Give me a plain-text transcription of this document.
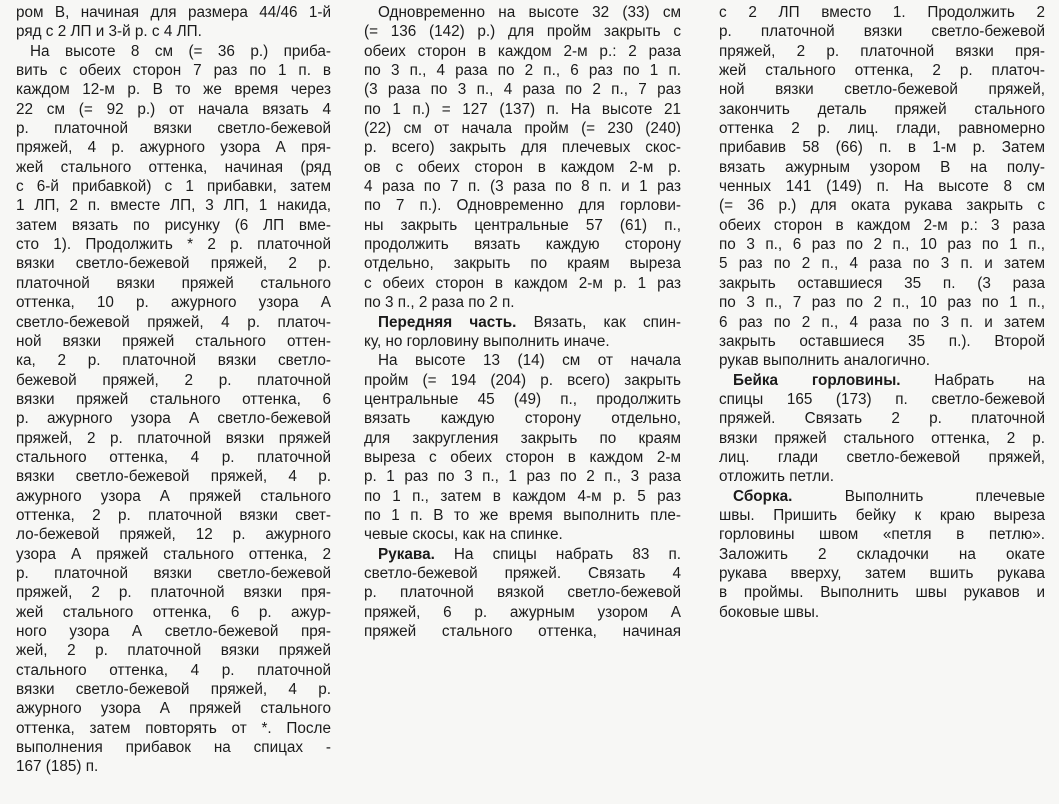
ром В, начиная для размера 44/46 1-й
ряд с 2 ЛП и 3-й р. с 4 ЛП.
На высоте 8 см (= 36 р.) приба-
вить с обеих сторон 7 раз по 1 п. в
каждом 12-м р. В то же время через
22 см (= 92 р.) от начала вязать 4
р. платочной вязки светло-бежевой
пряжей, 4 р. ажурного узора А пря-
жей стального оттенка, начиная (ряд
с 6-й прибавкой) с 1 прибавки, затем
1 ЛП, 2 п. вместе ЛП, 3 ЛП, 1 накида,
затем вязать по рисунку (6 ЛП вме-
сто 1). Продолжить * 2 р. платочной
вязки светло-бежевой пряжей, 2 р.
платочной вязки пряжей стального
оттенка, 10 р. ажурного узора А
светло-бежевой пряжей, 4 р. платоч-
ной вязки пряжей стального оттен-
ка, 2 р. платочной вязки светло-
бежевой пряжей, 2 р. платочной
вязки пряжей стального оттенка, 6
р. ажурного узора А светло-бежевой
пряжей, 2 р. платочной вязки пряжей
стального оттенка, 4 р. платочной
вязки светло-бежевой пряжей, 4 р.
ажурного узора А пряжей стального
оттенка, 2 р. платочной вязки свет-
ло-бежевой пряжей, 12 р. ажурного
узора А пряжей стального оттенка, 2
р. платочной вязки светло-бежевой
пряжей, 2 р. платочной вязки пря-
жей стального оттенка, 6 р. ажур-
ного узора А светло-бежевой пря-
жей, 2 р. платочной вязки пряжей
стального оттенка, 4 р. платочной
вязки светло-бежевой пряжей, 4 р.
ажурного узора А пряжей стального
оттенка, затем повторять от *. После
выполнения прибавок на спицах -
167 (185) п.
Одновременно на высоте 32 (33) см
(= 136 (142) р.) для пройм закрыть с
обеих сторон в каждом 2-м р.: 2 раза
по 3 п., 4 раза по 2 п., 6 раз по 1 п.
(3 раза по 3 п., 4 раза по 2 п., 7 раз
по 1 п.) = 127 (137) п. На высоте 21
(22) см от начала пройм (= 230 (240)
р. всего) закрыть для плечевых скос-
ов с обеих сторон в каждом 2-м р.
4 раза по 7 п. (3 раза по 8 п. и 1 раз
по 7 п.). Одновременно для горлови-
ны закрыть центральные 57 (61) п.,
продолжить вязать каждую сторону
отдельно, закрыть по краям выреза
с обеих сторон в каждом 2-м р. 1 раз
по 3 п., 2 раза по 2 п.
Передняя часть. Вязать, как спин-
ку, но горловину выполнить иначе.
На высоте 13 (14) см от начала
пройм (= 194 (204) р. всего) закрыть
центральные 45 (49) п., продолжить
вязать каждую сторону отдельно,
для закругления закрыть по краям
выреза с обеих сторон в каждом 2-м
р. 1 раз по 3 п., 1 раз по 2 п., 3 раза
по 1 п., затем в каждом 4-м р. 5 раз
по 1 п. В то же время выполнить пле-
чевые скосы, как на спинке.
Рукава. На спицы набрать 83 п.
светло-бежевой пряжей. Связать 4
р. платочной вязкой светло-бежевой
пряжей, 6 р. ажурным узором А
пряжей стального оттенка, начиная
с 2 ЛП вместо 1. Продолжить 2
р. платочной вязки светло-бежевой
пряжей, 2 р. платочной вязки пря-
жей стального оттенка, 2 р. платоч-
ной вязки светло-бежевой пряжей,
закончить деталь пряжей стального
оттенка 2 р. лиц. глади, равномерно
прибавив 58 (66) п. в 1-м р. Затем
вязать ажурным узором В на полу-
ченных 141 (149) п. На высоте 8 см
(= 36 р.) для оката рукава закрыть с
обеих сторон в каждом 2-м р.: 3 раза
по 3 п., 6 раз по 2 п., 10 раз по 1 п.,
5 раз по 2 п., 4 раза по 3 п. и затем
закрыть оставшиеся 35 п. (3 раза
по 3 п., 7 раз по 2 п., 10 раз по 1 п.,
6 раз по 2 п., 4 раза по 3 п. и затем
закрыть оставшиеся 35 п.). Второй
рукав выполнить аналогично.
Бейка горловины. Набрать на
спицы 165 (173) п. светло-бежевой
пряжей. Связать 2 р. платочной
вязки пряжей стального оттенка, 2 р.
лиц. глади светло-бежевой пряжей,
отложить петли.
Сборка. Выполнить плечевые
швы. Пришить бейку к краю выреза
горловины швом «петля в петлю».
Заложить 2 складочки на окате
рукава вверху, затем вшить рукава
в проймы. Выполнить швы рукавов и
боковые швы.
